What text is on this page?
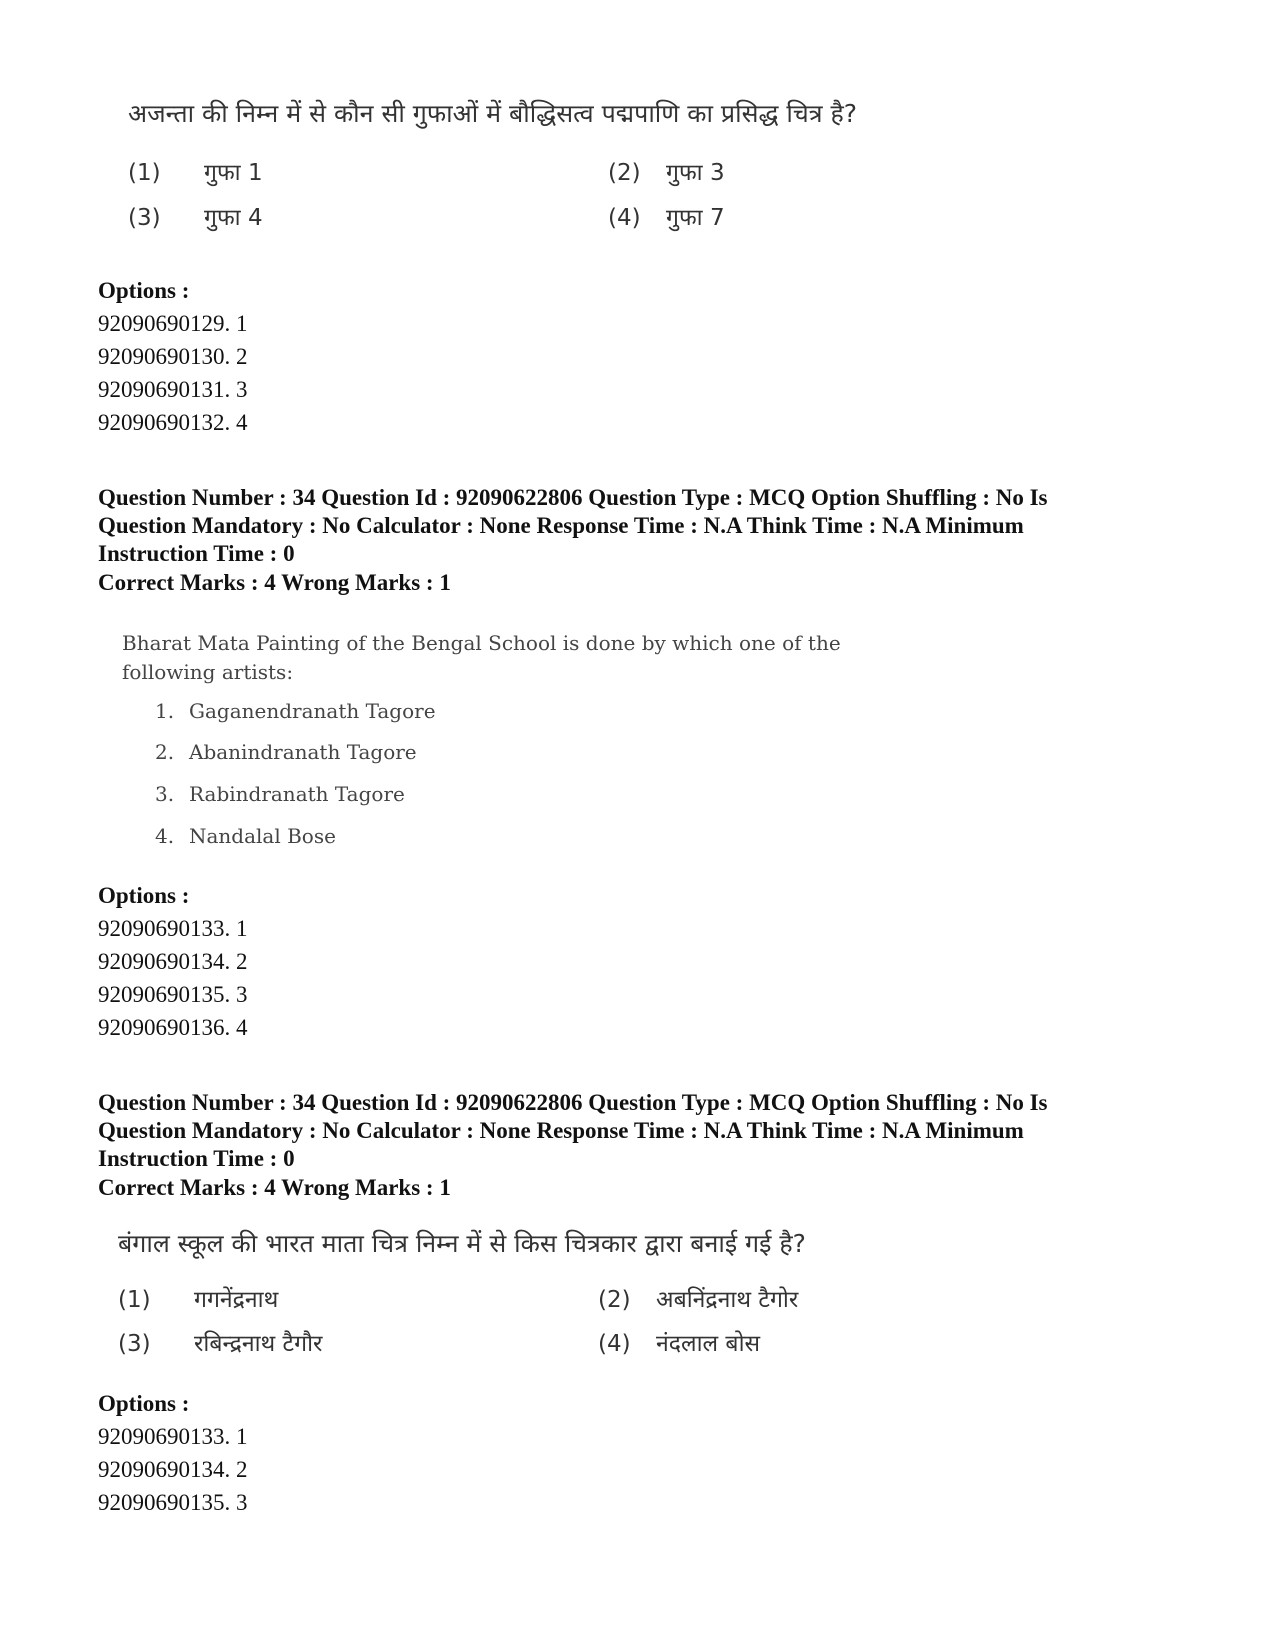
अजन्ता की निम्न में से कौन सी गुफाओं में बौद्धिसत्व पद्मपाणि का प्रसिद्ध चित्र है?
(1) गुफा 1	(2) गुफा 3
(3) गुफा 4	(4) गुफा 7
Options :
92090690129. 1
92090690130. 2
92090690131. 3
92090690132. 4
Question Number : 34 Question Id : 92090622806 Question Type : MCQ Option Shuffling : No Is
Question Mandatory : No Calculator : None Response Time : N.A Think Time : N.A Minimum
Instruction Time : 0
Correct Marks : 4 Wrong Marks : 1
Bharat Mata Painting of the Bengal School is done by which one of the
following artists:
1. Gaganendranath Tagore
2. Abanindranath Tagore
3. Rabindranath Tagore
4. Nandalal Bose
Options :
92090690133. 1
92090690134. 2
92090690135. 3
92090690136. 4
Question Number : 34 Question Id : 92090622806 Question Type : MCQ Option Shuffling : No Is
Question Mandatory : No Calculator : None Response Time : N.A Think Time : N.A Minimum
Instruction Time : 0
Correct Marks : 4 Wrong Marks : 1
बंगाल स्कूल की भारत माता चित्र निम्न में से किस चित्रकार द्वारा बनाई गई है?
(1) गगनेंद्रनाथ	(2) अबनिंद्रनाथ टैगोर
(3) रबिन्द्रनाथ टैगौर	(4) नंदलाल बोस
Options :
92090690133. 1
92090690134. 2
92090690135. 3
